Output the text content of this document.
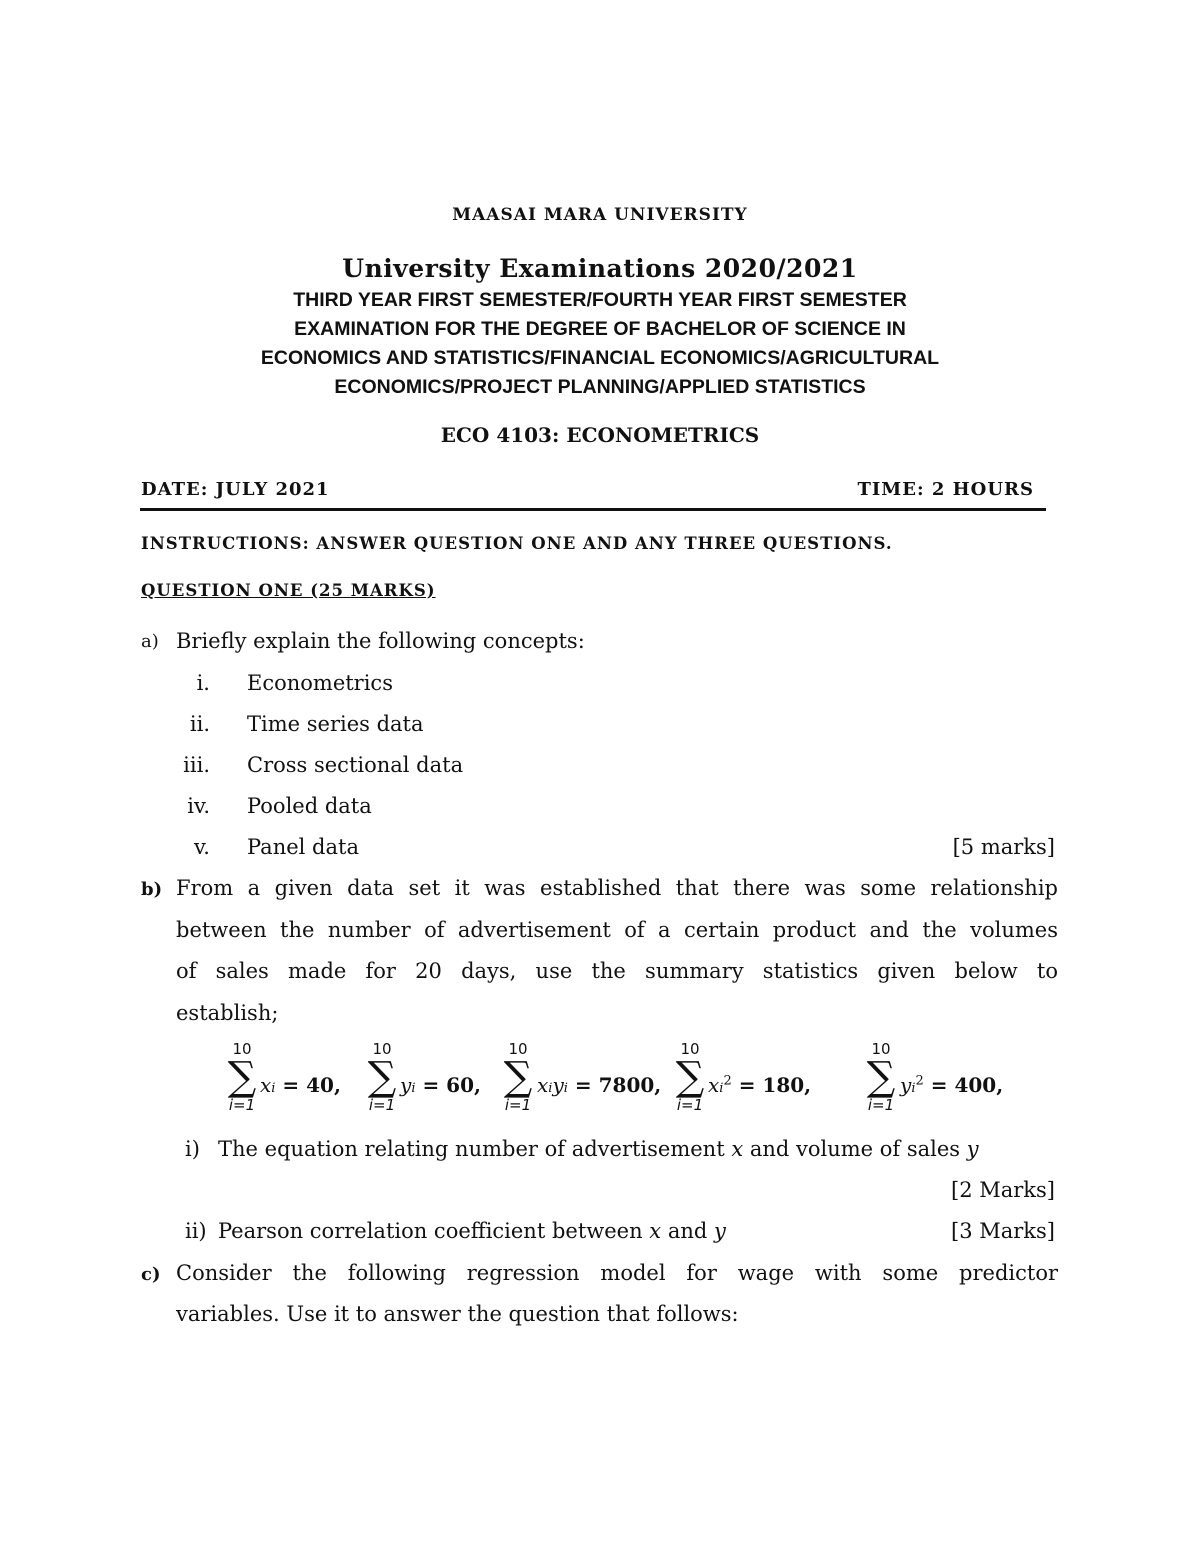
MAASAI MARA UNIVERSITY
University Examinations 2020/2021
THIRD YEAR FIRST SEMESTER/FOURTH YEAR FIRST SEMESTER
EXAMINATION FOR THE DEGREE OF BACHELOR OF SCIENCE IN
ECONOMICS AND STATISTICS/FINANCIAL ECONOMICS/AGRICULTURAL
ECONOMICS/PROJECT PLANNING/APPLIED STATISTICS
ECO 4103: ECONOMETRICS
DATE: JULY 2021	TIME: 2 HOURS
INSTRUCTIONS: ANSWER QUESTION ONE AND ANY THREE QUESTIONS.
QUESTION ONE (25 MARKS)
a) Briefly explain the following concepts:
i. Econometrics
ii. Time series data
iii. Cross sectional data
iv. Pooled data
v. Panel data	[5 marks]
b) From a given data set it was established that there was some relationship
between the number of advertisement of a certain product and the volumes
of sales made for 20 days, use the summary statistics given below to
establish;
10
∑
i=1
xi = 40,
10
∑
i=1
yi = 60,
10
∑
i=1
xiyi = 7800,
10
∑
i=1
$xi^2 = 180$,
10
∑
i=1
$yi^2 = 400$,
i) The equation relating number of advertisement x and volume of sales y
[2 Marks]
ii) Pearson correlation coefficient between x and y	[3 Marks]
c) Consider the following regression model for wage with some predictor
variables. Use it to answer the question that follows:
